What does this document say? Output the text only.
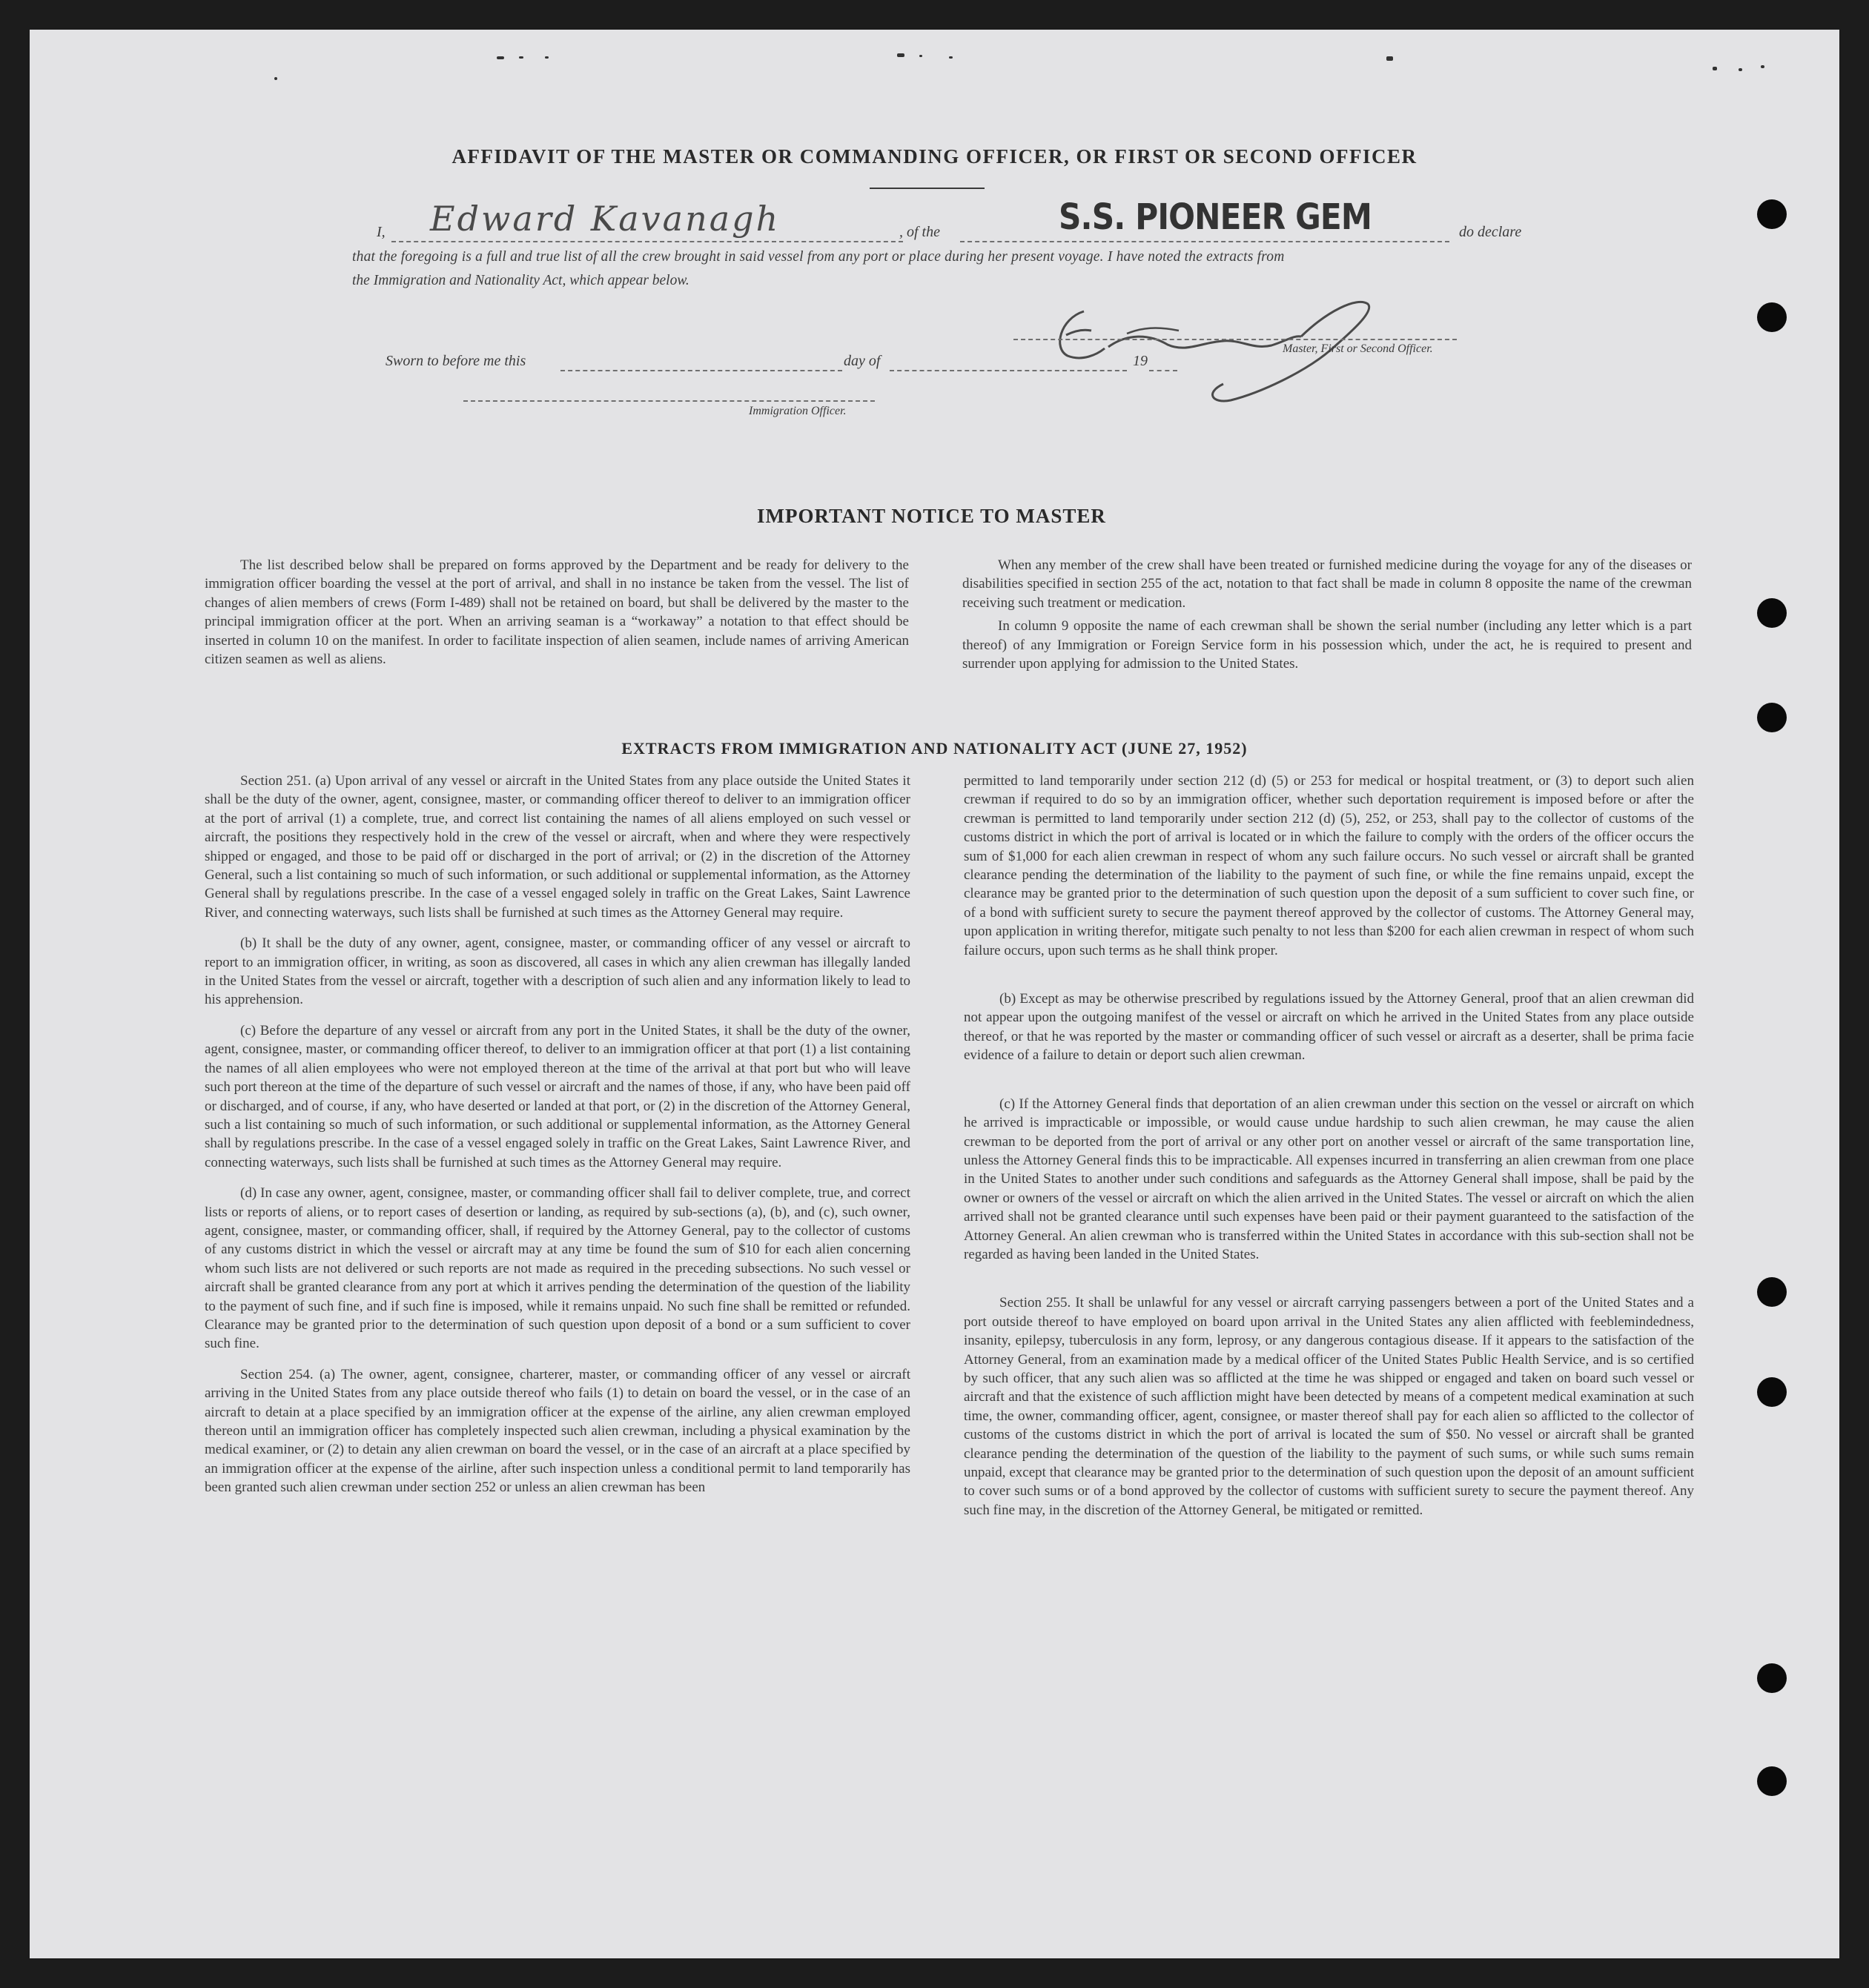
AFFIDAVIT OF THE MASTER OR COMMANDING OFFICER, OR FIRST OR SECOND OFFICER
I, Edward Kavanagh	, of the	S.S. PIONEER GEM	do declare
that the foregoing is a full and true list of all the crew brought in said vessel from any port or place during her present voyage. I have noted the extracts from
the Immigration and Nationality Act, which appear below.
Master, First or Second Officer.
Sworn to before me this	day of	19
Immigration Officer.
IMPORTANT NOTICE TO MASTER

The list described below shall be prepared on forms approved by the Department and be ready for delivery to the immigration officer boarding the vessel at the port of arrival, and shall in no instance be taken from the vessel. The list of changes of alien members of crews (Form I-489) shall not be retained on board, but shall be delivered by the master to the principal immigration officer at the port. When an arriving seaman is a “workaway” a notation to that effect should be inserted in column 10 on the manifest. In order to facilitate inspection of alien seamen, include names of arriving American citizen seamen as well as aliens.

When any member of the crew shall have been treated or furnished medicine during the voyage for any of the diseases or disabilities specified in section 255 of the act, notation to that fact shall be made in column 8 opposite the name of the crewman receiving such treatment or medication.

In column 9 opposite the name of each crewman shall be shown the serial number (including any letter which is a part thereof) of any Immigration or Foreign Service form in his possession which, under the act, he is required to present and surrender upon applying for admission to the United States.

EXTRACTS FROM IMMIGRATION AND NATIONALITY ACT (JUNE 27, 1952)

Section 251. (a) Upon arrival of any vessel or aircraft in the United States from any place outside the United States it shall be the duty of the owner, agent, consignee, master, or commanding officer thereof to deliver to an immigration officer at the port of arrival (1) a complete, true, and correct list containing the names of all aliens employed on such vessel or aircraft, the positions they respectively hold in the crew of the vessel or aircraft, when and where they were respectively shipped or engaged, and those to be paid off or discharged in the port of arrival; or (2) in the discretion of the Attorney General, such a list containing so much of such information, or such additional or supplemental information, as the Attorney General shall by regulations prescribe. In the case of a vessel engaged solely in traffic on the Great Lakes, Saint Lawrence River, and connecting waterways, such lists shall be furnished at such times as the Attorney General may require.

(b) It shall be the duty of any owner, agent, consignee, master, or commanding officer of any vessel or aircraft to report to an immigration officer, in writing, as soon as discovered, all cases in which any alien crewman has illegally landed in the United States from the vessel or aircraft, together with a description of such alien and any information likely to lead to his apprehension.

(c) Before the departure of any vessel or aircraft from any port in the United States, it shall be the duty of the owner, agent, consignee, master, or commanding officer thereof, to deliver to an immigration officer at that port (1) a list containing the names of all alien employees who were not employed thereon at the time of the arrival at that port but who will leave such port thereon at the time of the departure of such vessel or aircraft and the names of those, if any, who have been paid off or discharged, and of course, if any, who have deserted or landed at that port, or (2) in the discretion of the Attorney General, such a list containing so much of such information, or such additional or supplemental information, as the Attorney General shall by regulations prescribe. In the case of a vessel engaged solely in traffic on the Great Lakes, Saint Lawrence River, and connecting waterways, such lists shall be furnished at such times as the Attorney General may require.

(d) In case any owner, agent, consignee, master, or commanding officer shall fail to deliver complete, true, and correct lists or reports of aliens, or to report cases of desertion or landing, as required by sub-sections (a), (b), and (c), such owner, agent, consignee, master, or commanding officer, shall, if required by the Attorney General, pay to the collector of customs of any customs district in which the vessel or aircraft may at any time be found the sum of $10 for each alien concerning whom such lists are not delivered or such reports are not made as required in the preceding subsections. No such vessel or aircraft shall be granted clearance from any port at which it arrives pending the determination of the question of the liability to the payment of such fine, and if such fine is imposed, while it remains unpaid. No such fine shall be remitted or refunded. Clearance may be granted prior to the determination of such question upon deposit of a bond or a sum sufficient to cover such fine.

Section 254. (a) The owner, agent, consignee, charterer, master, or commanding officer of any vessel or aircraft arriving in the United States from any place outside thereof who fails (1) to detain on board the vessel, or in the case of an aircraft to detain at a place specified by an immigration officer at the expense of the airline, any alien crewman employed thereon until an immigration officer has completely inspected such alien crewman, including a physical examination by the medical examiner, or (2) to detain any alien crewman on board the vessel, or in the case of an aircraft at a place specified by an immigration officer at the expense of the airline, after such inspection unless a conditional permit to land temporarily has been granted such alien crewman under section 252 or unless an alien crewman has been

permitted to land temporarily under section 212 (d) (5) or 253 for medical or hospital treatment, or (3) to deport such alien crewman if required to do so by an immigration officer, whether such deportation requirement is imposed before or after the crewman is permitted to land temporarily under section 212 (d) (5), 252, or 253, shall pay to the collector of customs of the customs district in which the port of arrival is located or in which the failure to comply with the orders of the officer occurs the sum of $1,000 for each alien crewman in respect of whom any such failure occurs. No such vessel or aircraft shall be granted clearance pending the determination of the liability to the payment of such fine, or while the fine remains unpaid, except the clearance may be granted prior to the determination of such question upon the deposit of a sum sufficient to cover such fine, or of a bond with sufficient surety to secure the payment thereof approved by the collector of customs. The Attorney General may, upon application in writing therefor, mitigate such penalty to not less than $200 for each alien crewman in respect of whom such failure occurs, upon such terms as he shall think proper.

(b) Except as may be otherwise prescribed by regulations issued by the Attorney General, proof that an alien crewman did not appear upon the outgoing manifest of the vessel or aircraft on which he arrived in the United States from any place outside thereof, or that he was reported by the master or commanding officer of such vessel or aircraft as a deserter, shall be prima facie evidence of a failure to detain or deport such alien crewman.

(c) If the Attorney General finds that deportation of an alien crewman under this section on the vessel or aircraft on which he arrived is impracticable or impossible, or would cause undue hardship to such alien crewman, he may cause the alien crewman to be deported from the port of arrival or any other port on another vessel or aircraft of the same transportation line, unless the Attorney General finds this to be impracticable. All expenses incurred in transferring an alien crewman from one place in the United States to another under such conditions and safeguards as the Attorney General shall impose, shall be paid by the owner or owners of the vessel or aircraft on which the alien arrived in the United States. The vessel or aircraft on which the alien arrived shall not be granted clearance until such expenses have been paid or their payment guaranteed to the satisfaction of the Attorney General. An alien crewman who is transferred within the United States in accordance with this sub-section shall not be regarded as having been landed in the United States.

Section 255. It shall be unlawful for any vessel or aircraft carrying passengers between a port of the United States and a port outside thereof to have employed on board upon arrival in the United States any alien afflicted with feeblemindedness, insanity, epilepsy, tuberculosis in any form, leprosy, or any dangerous contagious disease. If it appears to the satisfaction of the Attorney General, from an examination made by a medical officer of the United States Public Health Service, and is so certified by such officer, that any such alien was so afflicted at the time he was shipped or engaged and taken on board such vessel or aircraft and that the existence of such affliction might have been detected by means of a competent medical examination at such time, the owner, commanding officer, agent, consignee, or master thereof shall pay for each alien so afflicted to the collector of customs of the customs district in which the port of arrival is located the sum of $50. No vessel or aircraft shall be granted clearance pending the determination of the question of the liability to the payment of such sums, or while such sums remain unpaid, except that clearance may be granted prior to the determination of such question upon the deposit of an amount sufficient to cover such sums or of a bond approved by the collector of customs with sufficient surety to secure the payment thereof. Any such fine may, in the discretion of the Attorney General, be mitigated or remitted.
